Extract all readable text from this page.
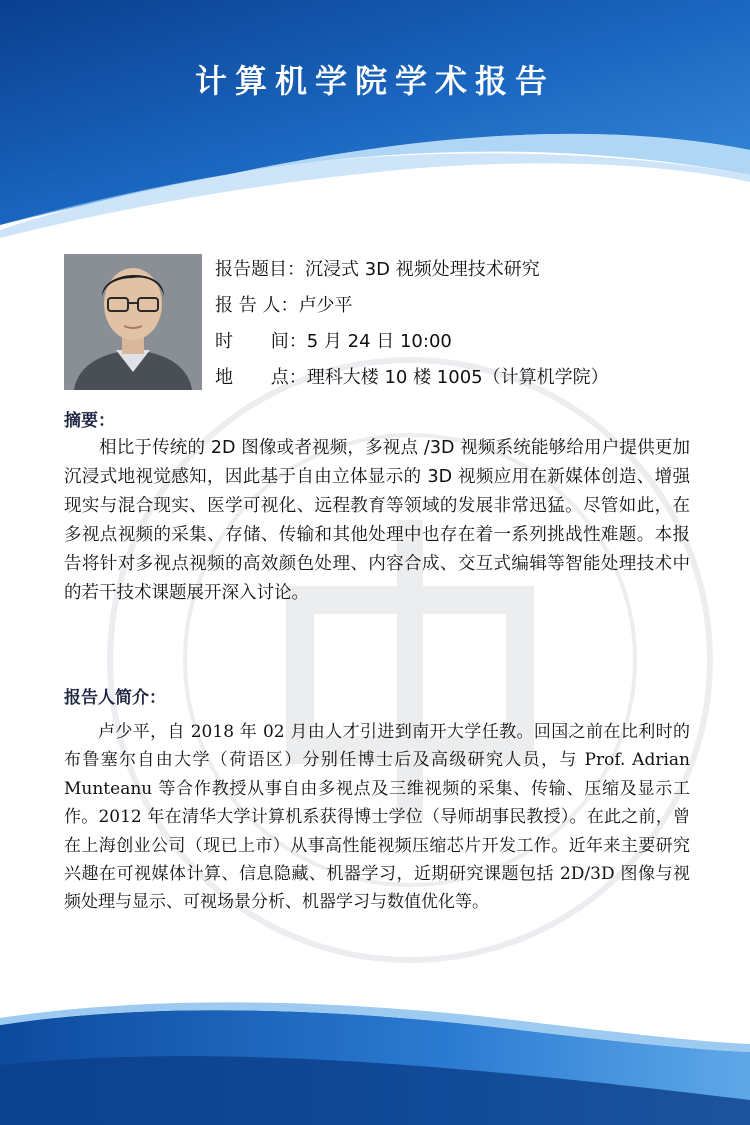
计算机学院学术报告
报告题目：沉浸式 3D 视频处理技术研究
报 告 人：卢少平
时 间：5 月 24 日 10:00
地 点：理科大楼 10 楼 1005（计算机学院）
摘要：

相比于传统的 2D 图像或者视频，多视点 /3D 视频系统能够给用户提供更加沉浸式地视觉感知，因此基于自由立体显示的 3D 视频应用在新媒体创造、增强现实与混合现实、医学可视化、远程教育等领域的发展非常迅猛。尽管如此，在多视点视频的采集、存储、传输和其他处理中也存在着一系列挑战性难题。本报告将针对多视点视频的高效颜色处理、内容合成、交互式编辑等智能处理技术中的若干技术课题展开深入讨论。

报告人简介：

卢少平，自 2018 年 02 月由人才引进到南开大学任教。回国之前在比利时的布鲁塞尔自由大学（荷语区）分别任博士后及高级研究人员，与 Prof. Adrian Munteanu 等合作教授从事自由多视点及三维视频的采集、传输、压缩及显示工作。2012 年在清华大学计算机系获得博士学位（导师胡事民教授）。在此之前，曾在上海创业公司（现已上市）从事高性能视频压缩芯片开发工作。近年来主要研究兴趣在可视媒体计算、信息隐藏、机器学习，近期研究课题包括 2D/3D 图像与视频处理与显示、可视场景分析、机器学习与数值优化等。
